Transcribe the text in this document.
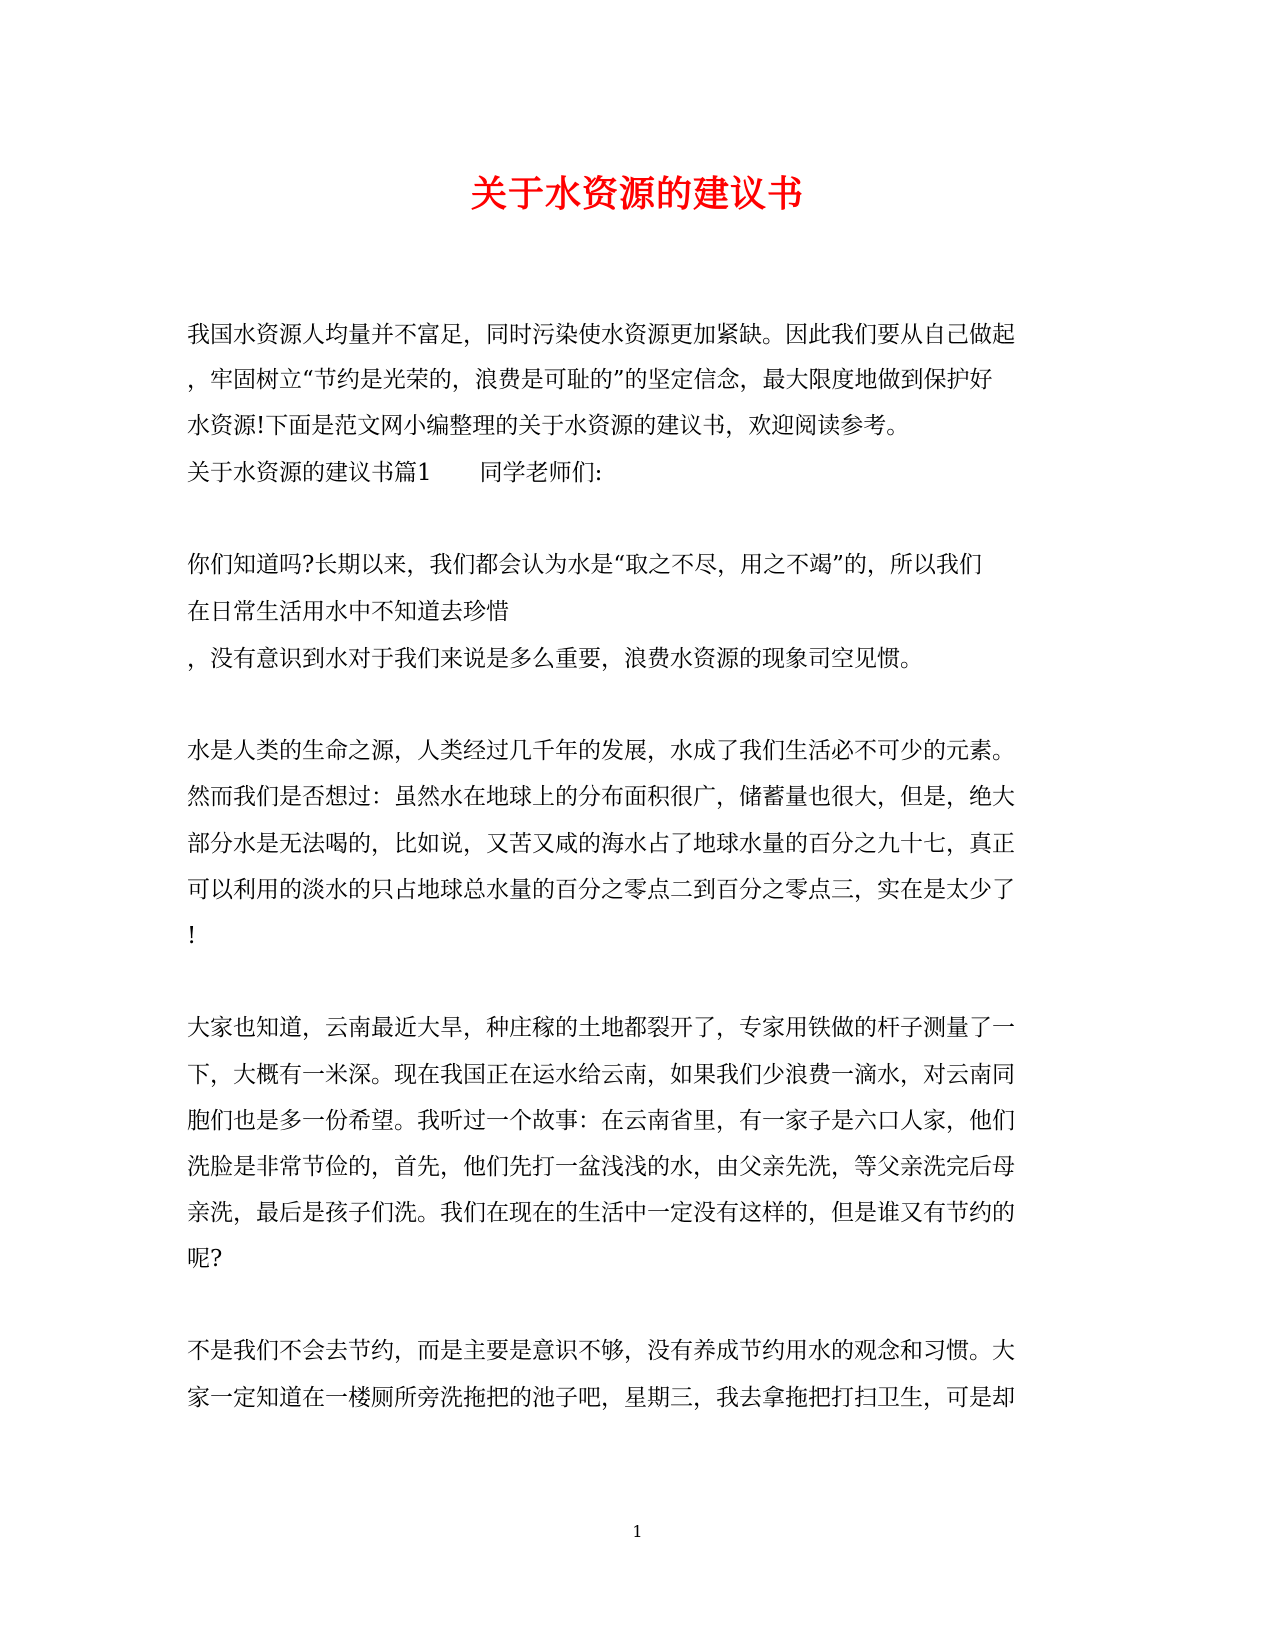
关于水资源的建议书
我国水资源人均量并不富足，同时污染使水资源更加紧缺。因此我们要从自己做起
，牢固树立“节约是光荣的，浪费是可耻的”的坚定信念，最大限度地做到保护好
水资源!下面是范文网小编整理的关于水资源的建议书，欢迎阅读参考。
关于水资源的建议书篇1 同学老师们:
你们知道吗?长期以来，我们都会认为水是“取之不尽，用之不竭”的，所以我们
在日常生活用水中不知道去珍惜
，没有意识到水对于我们来说是多么重要，浪费水资源的现象司空见惯。
水是人类的生命之源，人类经过几千年的发展，水成了我们生活必不可少的元素。
然而我们是否想过：虽然水在地球上的分布面积很广，储蓄量也很大，但是，绝大
部分水是无法喝的，比如说，又苦又咸的海水占了地球水量的百分之九十七，真正
可以利用的淡水的只占地球总水量的百分之零点二到百分之零点三，实在是太少了
!
大家也知道，云南最近大旱，种庄稼的土地都裂开了，专家用铁做的杆子测量了一
下，大概有一米深。现在我国正在运水给云南，如果我们少浪费一滴水，对云南同
胞们也是多一份希望。我听过一个故事：在云南省里，有一家子是六口人家，他们
洗脸是非常节俭的，首先，他们先打一盆浅浅的水，由父亲先洗，等父亲洗完后母
亲洗，最后是孩子们洗。我们在现在的生活中一定没有这样的，但是谁又有节约的
呢?
不是我们不会去节约，而是主要是意识不够，没有养成节约用水的观念和习惯。大
家一定知道在一楼厕所旁洗拖把的池子吧，星期三，我去拿拖把打扫卫生，可是却
1
